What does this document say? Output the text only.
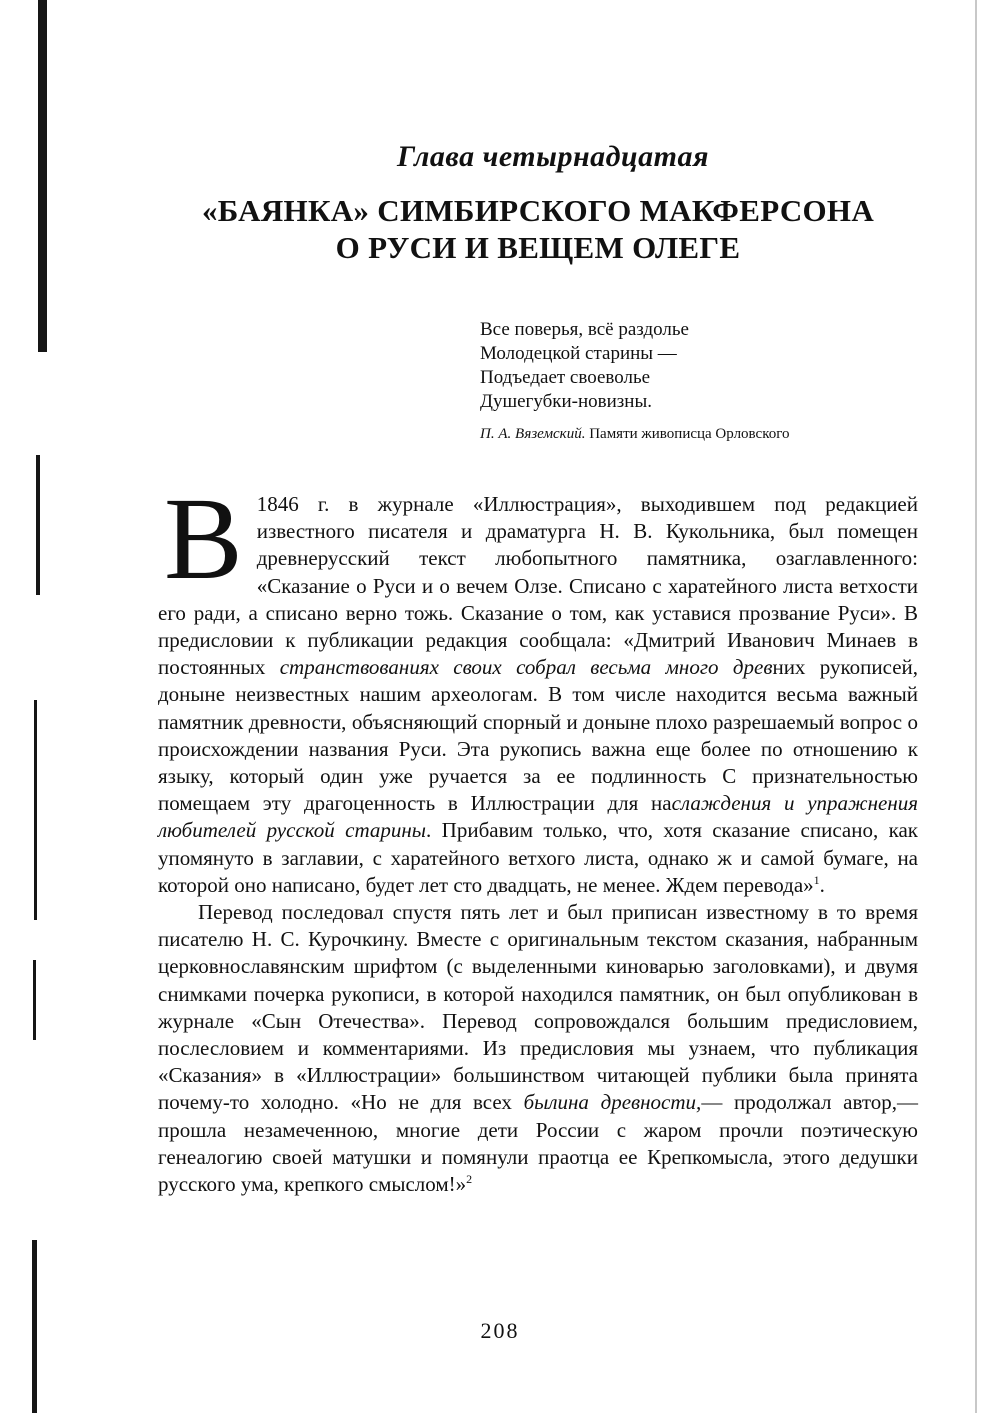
Глава четырнадцатая
«БАЯНКА» СИМБИРСКОГО МАКФЕРСОНА
О РУСИ И ВЕЩЕМ ОЛЕГЕ
Все поверья, всё раздолье
Молодецкой старины —
Подъедает своеволье
Душегубки-новизны.
П. А. Вяземский. Памяти живописца Орловского

В 1846 г. в журнале «Иллюстрация», выходившем под редакцией известного писателя и драматурга Н. В. Кукольника, был помещен древнерусский текст любопытного памятника, озаглавленного: «Сказание о Руси и о вечем Олзе. Списано с харатейного листа ветхости его ради, а списано верно тожь. Сказание о том, как уставися прозвание Руси». В предисловии к публикации редакция сообщала: «Дмитрий Иванович Минаев в постоянных странствованиях своих собрал весьма много древних рукописей, доныне неизвестных нашим археологам. В том числе находится весьма важный памятник древности, объясняющий спорный и доныне плохо разрешаемый вопрос о происхождении названия Руси. Эта рукопись важна еще более по отношению к языку, который один уже ручается за ее подлинность С признательностью помещаем эту драгоценность в Иллюстрации для наслаждения и упражнения любителей русской старины. Прибавим только, что, хотя сказание списано, как упомянуто в заглавии, с харатейного ветхого листа, однако ж и самой бумаге, на которой оно написано, будет лет сто двадцать, не менее. Ждем перевода»$^1$.

Перевод последовал спустя пять лет и был приписан известному в то время писателю Н. С. Курочкину. Вместе с оригинальным текстом сказания, набранным церковнославянским шрифтом (с выделенными киноварью заголовками), и двумя снимками почерка рукописи, в которой находился памятник, он был опубликован в журнале «Сын Отечества». Перевод сопровождался большим предисловием, послесловием и комментариями. Из предисловия мы узнаем, что публикация «Сказания» в «Иллюстрации» большинством читающей публики была принята почему-то холодно. «Но не для всех былина древности,— продолжал автор,— прошла незамеченною, многие дети России с жаром прочли поэтическую генеалогию своей матушки и помянули праотца ее Крепкомысла, этого дедушки русского ума, крепкого смыслом!»$^2$

208
